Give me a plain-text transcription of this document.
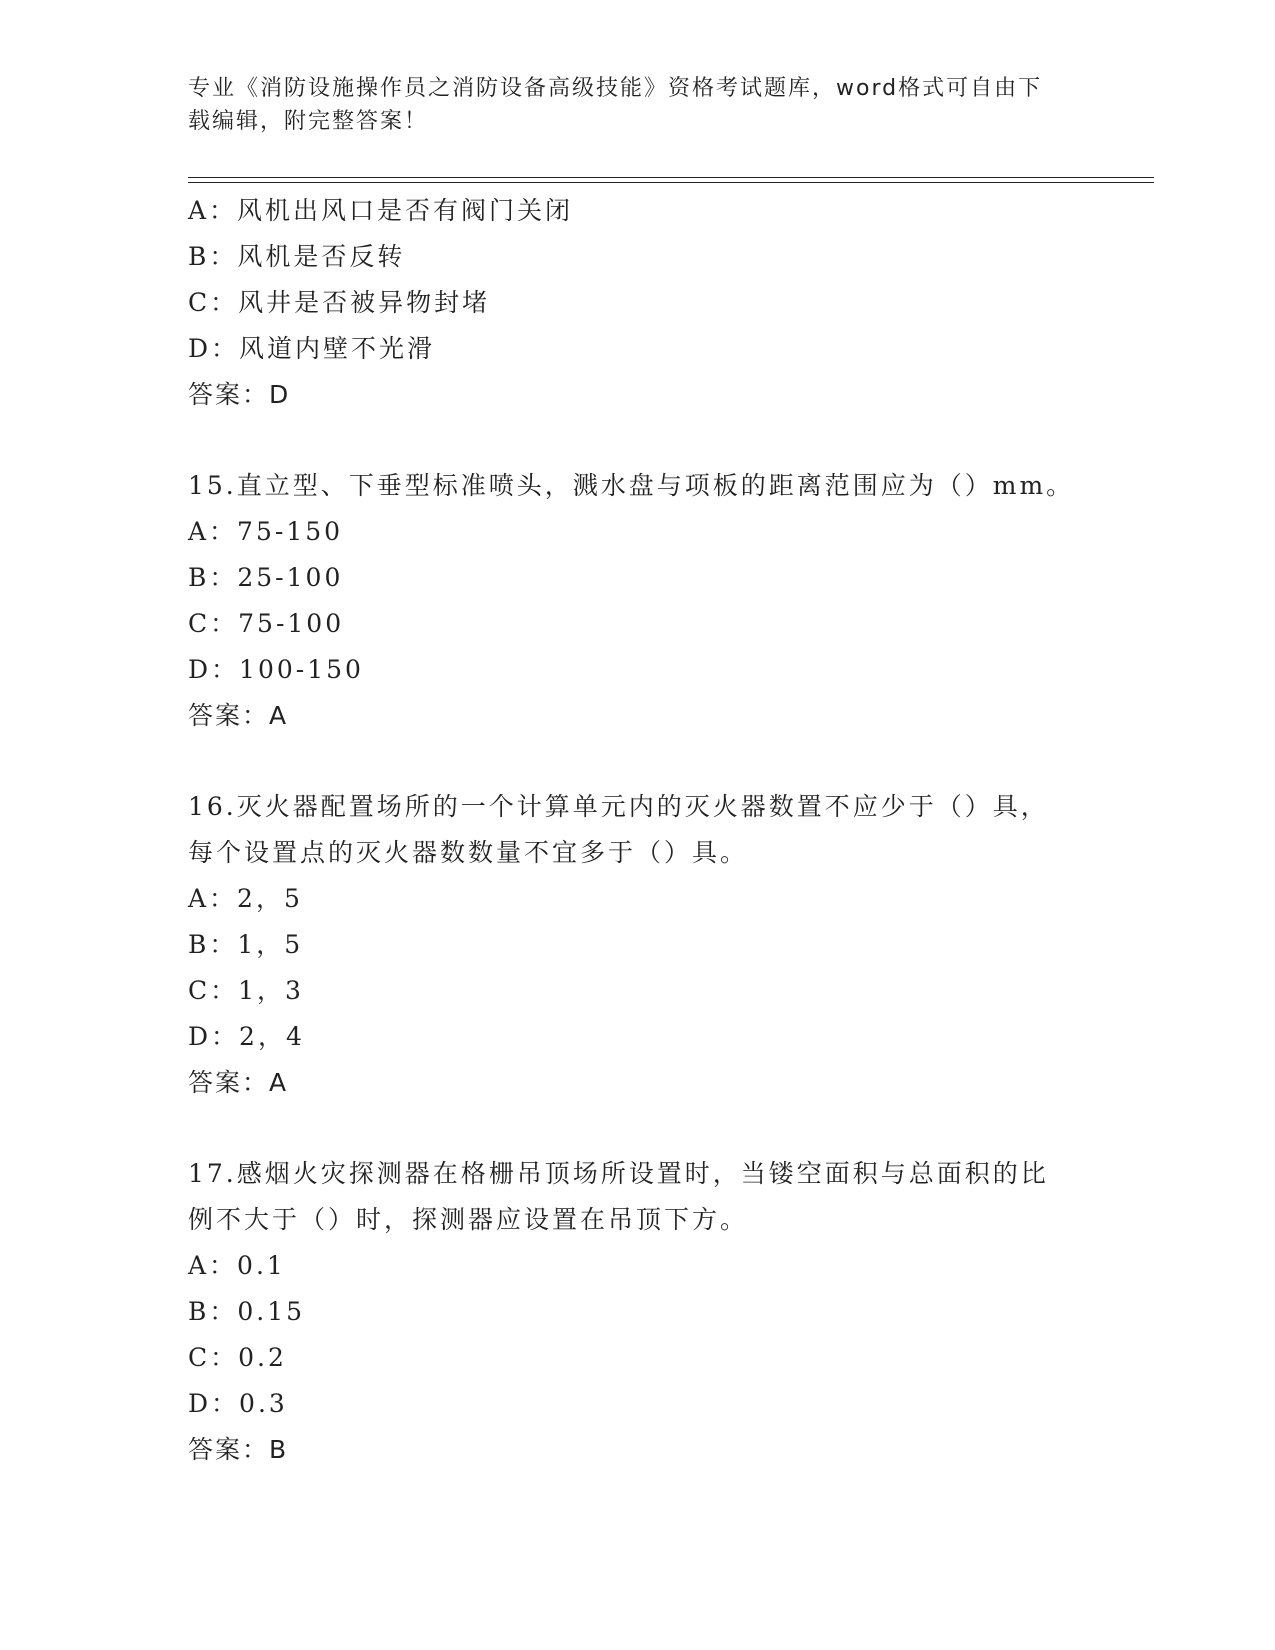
专业《消防设施操作员之消防设备高级技能》资格考试题库，word格式可自由下
载编辑，附完整答案！
A：风机出风口是否有阀门关闭
B：风机是否反转
C：风井是否被异物封堵
D：风道内壁不光滑
答案：D
15.直立型、下垂型标准喷头，溅水盘与项板的距离范围应为（）mm。
A：75-150
B：25-100
C：75-100
D：100-150
答案：A
16.灭火器配置场所的一个计算单元内的灭火器数置不应少于（）具，
每个设置点的灭火器数数量不宜多于（）具。
A：2，5
B：1，5
C：1，3
D：2，4
答案：A
17.感烟火灾探测器在格栅吊顶场所设置时，当镂空面积与总面积的比
例不大于（）时，探测器应设置在吊顶下方。
A：0.1
B：0.15
C：0.2
D：0.3
答案：B
